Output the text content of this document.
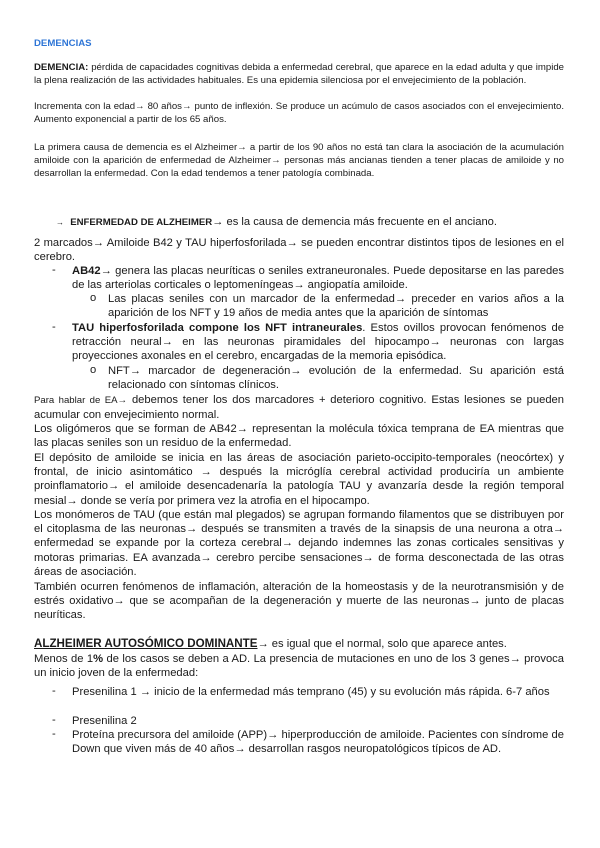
DEMENCIAS
DEMENCIA: pérdida de capacidades cognitivas debida a enfermedad cerebral, que aparece en la edad adulta y que impide la plena realización de las actividades habituales. Es una epidemia silenciosa por el envejecimiento de la población.
Incrementa con la edad→ 80 años→ punto de inflexión. Se produce un acúmulo de casos asociados con el envejecimiento. Aumento exponencial a partir de los 65 años.
La primera causa de demencia es el Alzheimer→ a partir de los 90 años no está tan clara la asociación de la acumulación amiloide con la aparición de enfermedad de Alzheimer→ personas más ancianas tienden a tener placas de amiloide y no desarrollan la enfermedad. Con la edad tendemos a tener patología combinada.
→ ENFERMEDAD DE ALZHEIMER→ es la causa de demencia más frecuente en el anciano.
2 marcados→ Amiloide B42 y TAU hiperfosforilada→ se pueden encontrar distintos tipos de lesiones en el cerebro.
- AB42→ genera las placas neuríticas o seniles extraneuronales. Puede depositarse en las paredes de las arteriolas corticales o leptomeníngeas→ angiopatía amiloide.
o Las placas seniles con un marcador de la enfermedad→ preceder en varios años a la aparición de los NFT y 19 años de media antes que la aparición de síntomas
- TAU hiperfosforilada compone los NFT intraneurales. Estos ovillos provocan fenómenos de retracción neural→ en las neuronas piramidales del hipocampo→ neuronas con largas proyecciones axonales en el cerebro, encargadas de la memoria episódica.
o NFT→ marcador de degeneración→ evolución de la enfermedad. Su aparición está relacionado con síntomas clínicos.
Para hablar de EA→ debemos tener los dos marcadores + deterioro cognitivo. Estas lesiones se pueden acumular con envejecimiento normal.
Los oligómeros que se forman de AB42→ representan la molécula tóxica temprana de EA mientras que las placas seniles son un residuo de la enfermedad.
El depósito de amiloide se inicia en las áreas de asociación parieto-occipito-temporales (neocórtex) y frontal, de inicio asintomático → después la micróglía cerebral actividad produciría un ambiente proinflamatorio→ el amiloide desencadenaría la patología TAU y avanzaría desde la región temporal mesial→ donde se vería por primera vez la atrofia en el hipocampo.
Los monómeros de TAU (que están mal plegados) se agrupan formando filamentos que se distribuyen por el citoplasma de las neuronas→ después se transmiten a través de la sinapsis de una neurona a otra→ enfermedad se expande por la corteza cerebral→ dejando indemnes las zonas corticales sensitivas y motoras primarias. EA avanzada→ cerebro percibe sensaciones→ de forma desconectada de las otras áreas de asociación.
También ocurren fenómenos de inflamación, alteración de la homeostasis y de la neurotransmisión y de estrés oxidativo→ que se acompañan de la degeneración y muerte de las neuronas→ junto de placas neuríticas.
ALZHEIMER AUTOSÓMICO DOMINANTE→ es igual que el normal, solo que aparece antes.
Menos de 1% de los casos se deben a AD. La presencia de mutaciones en uno de los 3 genes→ provoca un inicio joven de la enfermedad:
- Presenilina 1 → inicio de la enfermedad más temprano (45) y su evolución más rápida. 6-7 años
- Presenilina 2
- Proteína precursora del amiloide (APP)→ hiperproducción de amiloide. Pacientes con síndrome de Down que viven más de 40 años→ desarrollan rasgos neuropatológicos típicos de AD.
